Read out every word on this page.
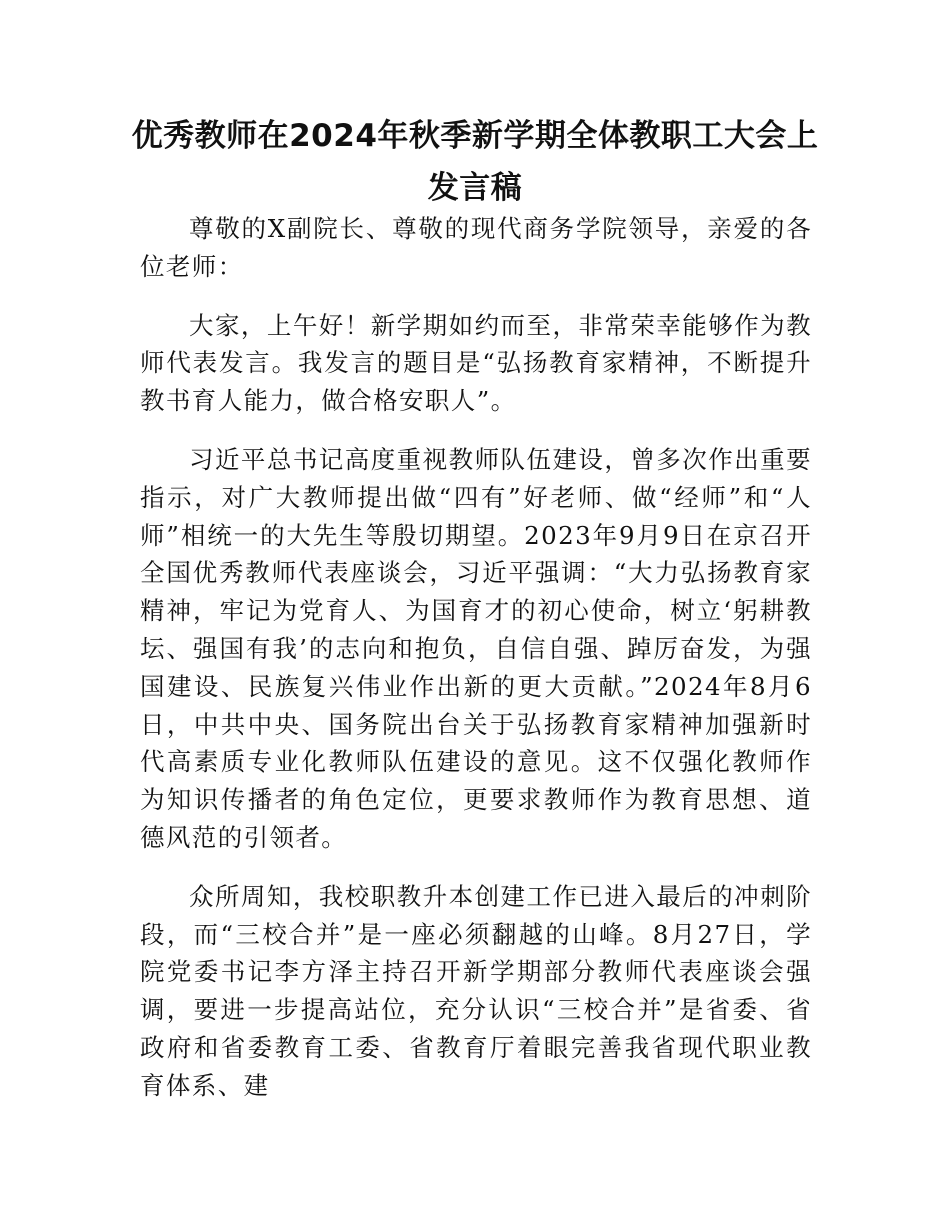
优秀教师在2024年秋季新学期全体教职工大会上发言稿

尊敬的X副院长、尊敬的现代商务学院领导，亲爱的各位老师：

大家，上午好！新学期如约而至，非常荣幸能够作为教师代表发言。我发言的题目是“弘扬教育家精神，不断提升教书育人能力，做合格安职人”。

习近平总书记高度重视教师队伍建设，曾多次作出重要指示，对广大教师提出做“四有”好老师、做“经师”和“人师”相统一的大先生等殷切期望。2023年9月9日在京召开全国优秀教师代表座谈会，习近平强调：“大力弘扬教育家精神，牢记为党育人、为国育才的初心使命，树立‘躬耕教坛、强国有我’的志向和抱负，自信自强、踔厉奋发，为强国建设、民族复兴伟业作出新的更大贡献。”2024年8月6日，中共中央、国务院出台关于弘扬教育家精神加强新时代高素质专业化教师队伍建设的意见。这不仅强化教师作为知识传播者的角色定位，更要求教师作为教育思想、道德风范的引领者。

众所周知，我校职教升本创建工作已进入最后的冲刺阶段，而“三校合并”是一座必须翻越的山峰。8月27日，学院党委书记李方泽主持召开新学期部分教师代表座谈会强调，要进一步提高站位，充分认识“三校合并”是省委、省政府和省委教育工委、省教育厅着眼完善我省现代职业教育体系、建
